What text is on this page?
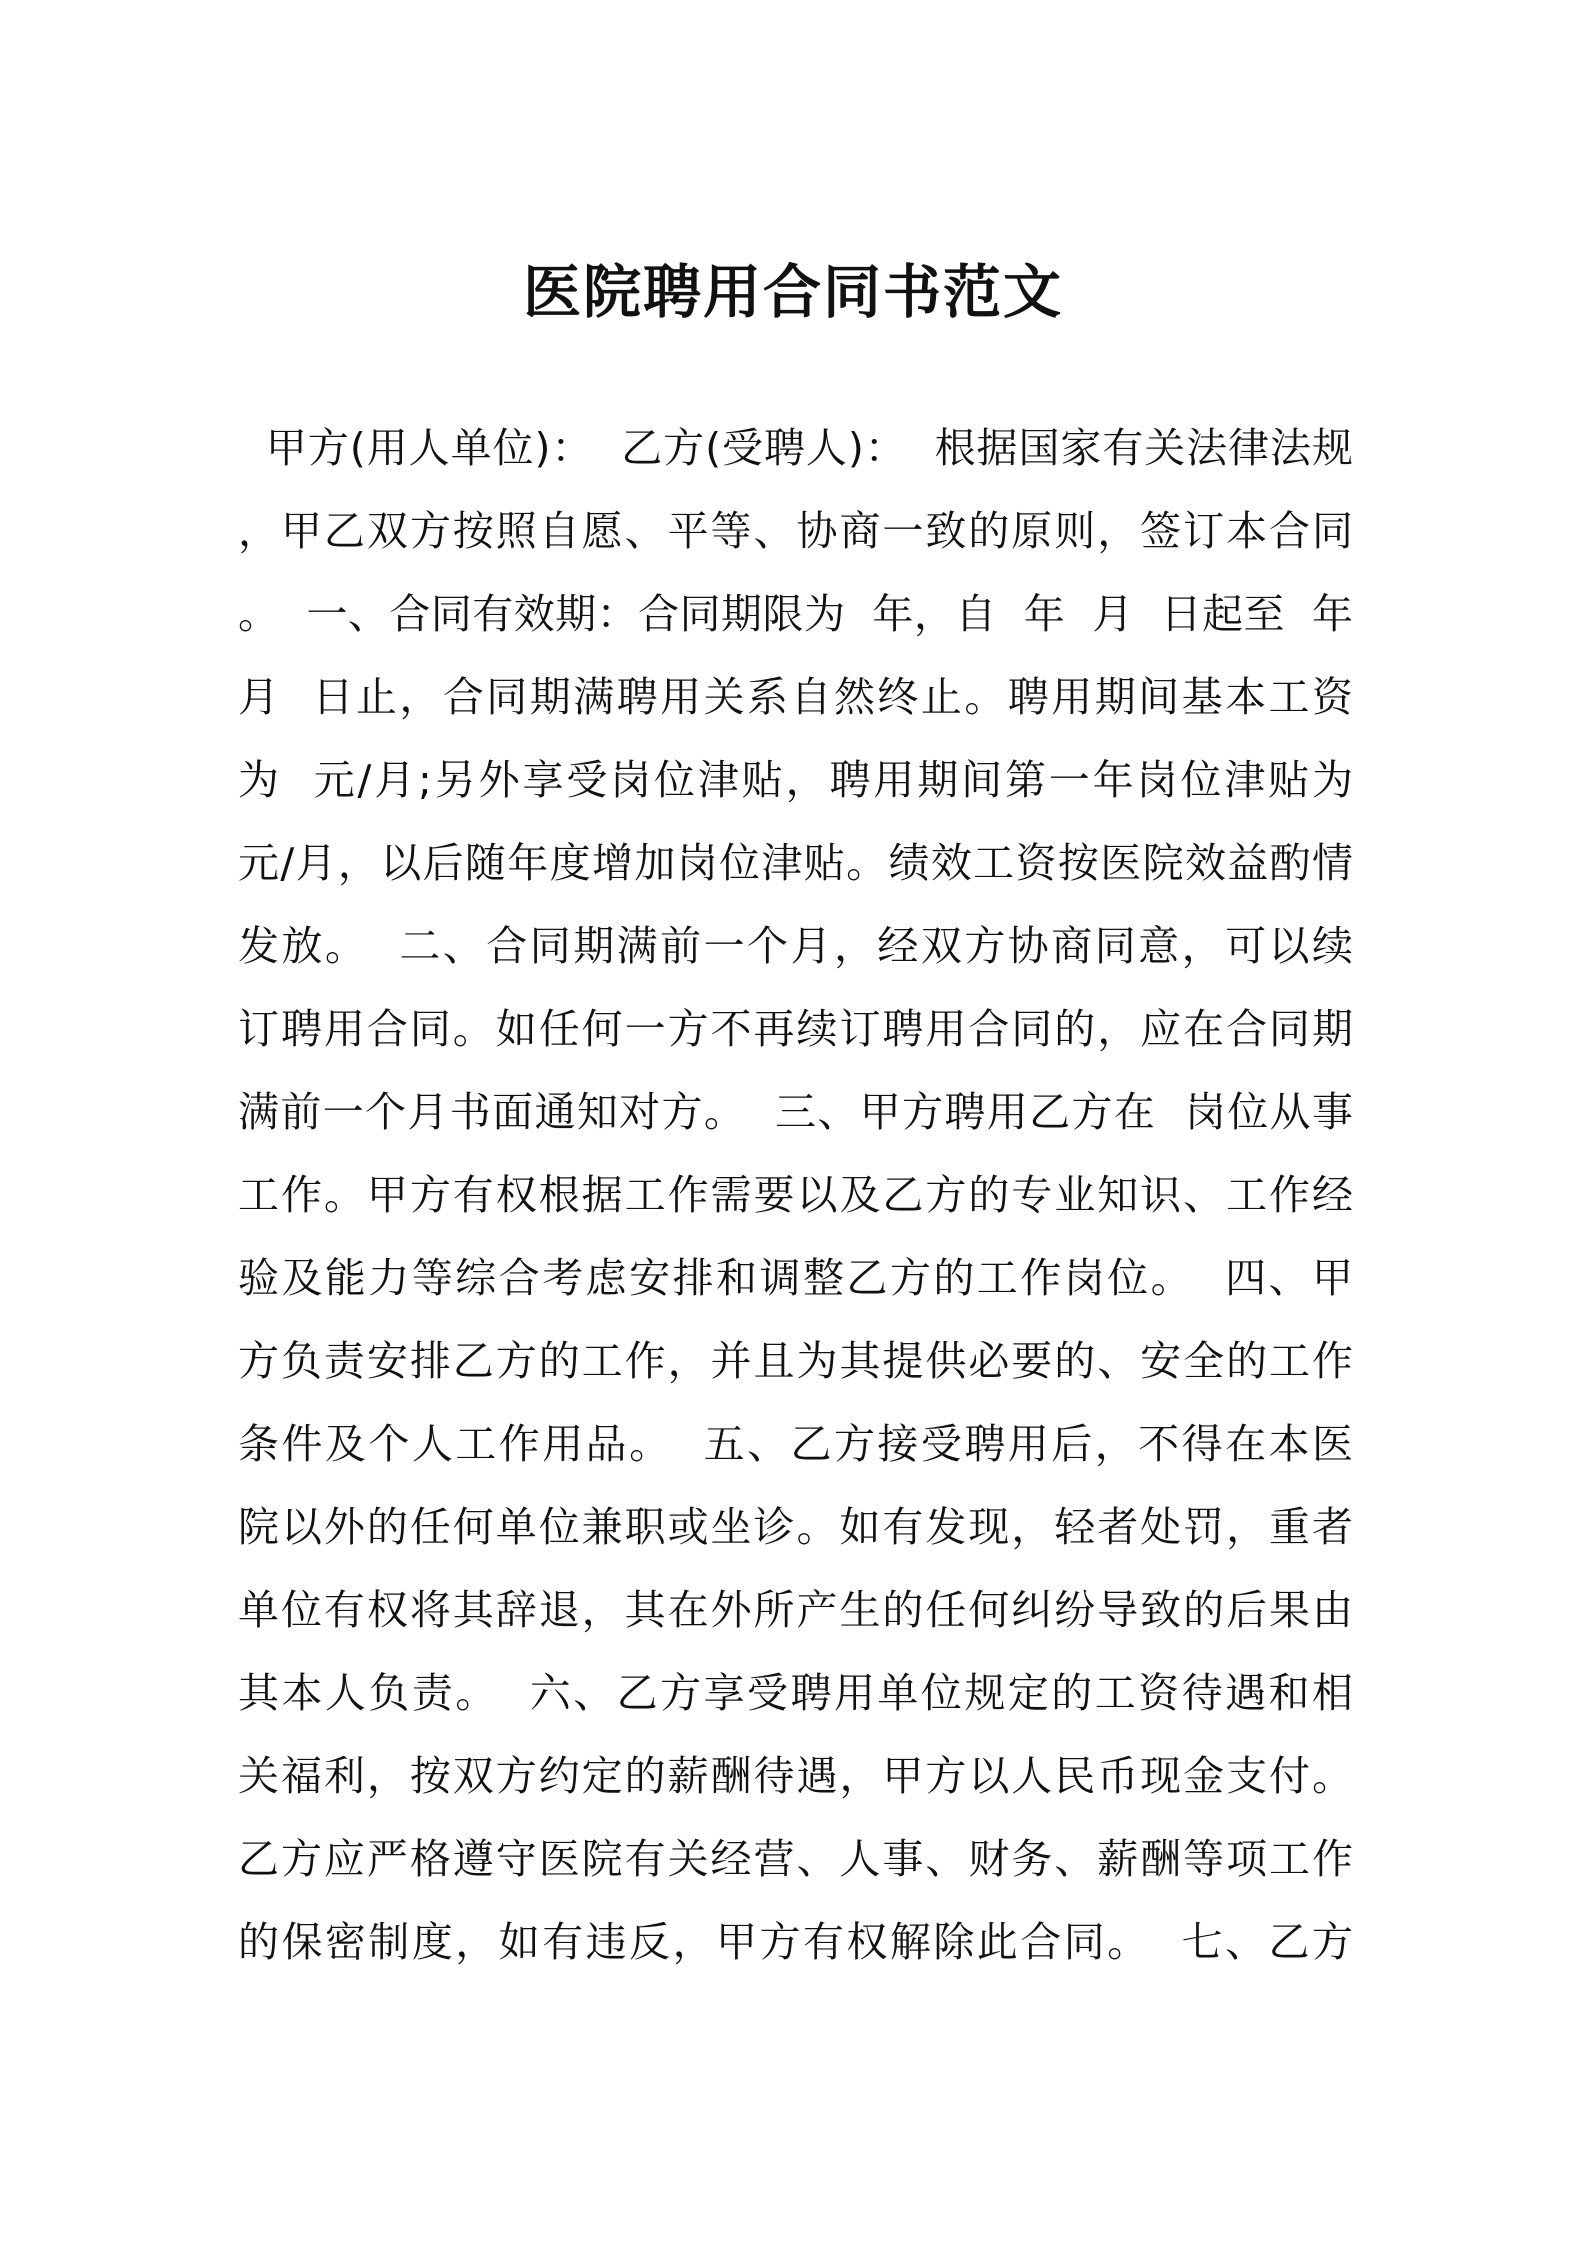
医院聘用合同书范文
甲方(用人单位)：  乙方(受聘人)：  根据国家有关法律法规
，甲乙双方按照自愿、平等、协商一致的原则，签订本合同
。  一、合同有效期：合同期限为  年，自  年  月  日起至  年
月  日止，合同期满聘用关系自然终止。聘用期间基本工资
为  元/月;另外享受岗位津贴，聘用期间第一年岗位津贴为
元/月，以后随年度增加岗位津贴。绩效工资按医院效益酌情
发放。  二、合同期满前一个月，经双方协商同意，可以续
订聘用合同。如任何一方不再续订聘用合同的，应在合同期
满前一个月书面通知对方。  三、甲方聘用乙方在  岗位从事
工作。甲方有权根据工作需要以及乙方的专业知识、工作经
验及能力等综合考虑安排和调整乙方的工作岗位。  四、甲
方负责安排乙方的工作，并且为其提供必要的、安全的工作
条件及个人工作用品。  五、乙方接受聘用后，不得在本医
院以外的任何单位兼职或坐诊。如有发现，轻者处罚，重者
单位有权将其辞退，其在外所产生的任何纠纷导致的后果由
其本人负责。  六、乙方享受聘用单位规定的工资待遇和相
关福利，按双方约定的薪酬待遇，甲方以人民币现金支付。
乙方应严格遵守医院有关经营、人事、财务、薪酬等项工作
的保密制度，如有违反，甲方有权解除此合同。  七、乙方
